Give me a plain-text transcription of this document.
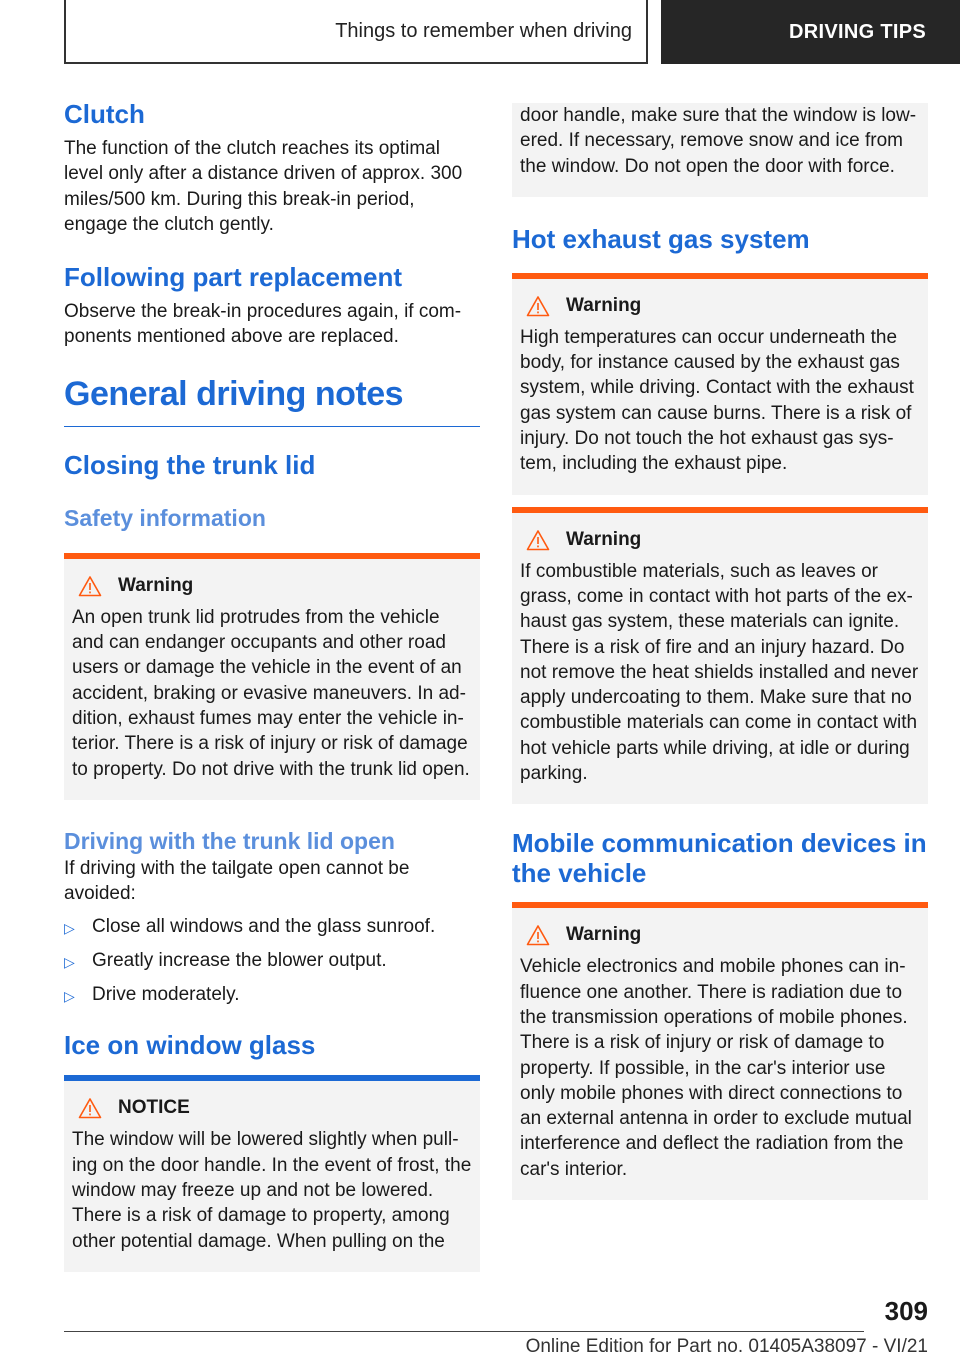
Things to remember when driving	DRIVING TIPS
Clutch

The function of the clutch reaches its optimal level only after a distance driven of approx. 300 miles/500 km. During this break-in period, engage the clutch gently.

Following part replacement

Observe the break-in procedures again, if components mentioned above are replaced.

General driving notes
Closing the trunk lid
Safety information
Warning

An open trunk lid protrudes from the vehicle and can endanger occupants and other road users or damage the vehicle in the event of an accident, braking or evasive maneuvers. In addition, exhaust fumes may enter the vehicle interior. There is a risk of injury or risk of damage to property. Do not drive with the trunk lid open.

Driving with the trunk lid open

If driving with the tailgate open cannot be avoided:

▷ Close all windows and the glass sunroof.
▷ Greatly increase the blower output.
▷ Drive moderately.
Ice on window glass
NOTICE

The window will be lowered slightly when pulling on the door handle. In the event of frost, the window may freeze up and not be lowered. There is a risk of damage to property, among other potential damage. When pulling on the

door handle, make sure that the window is lowered. If necessary, remove snow and ice from the window. Do not open the door with force.

Hot exhaust gas system
Warning

High temperatures can occur underneath the body, for instance caused by the exhaust gas system, while driving. Contact with the exhaust gas system can cause burns. There is a risk of injury. Do not touch the hot exhaust gas system, including the exhaust pipe.

Warning

If combustible materials, such as leaves or grass, come in contact with hot parts of the exhaust gas system, these materials can ignite. There is a risk of fire and an injury hazard. Do not remove the heat shields installed and never apply undercoating to them. Make sure that no combustible materials can come in contact with hot vehicle parts while driving, at idle or during parking.

Mobile communication devices in the vehicle
Warning

Vehicle electronics and mobile phones can influence one another. There is radiation due to the transmission operations of mobile phones. There is a risk of injury or risk of damage to property. If possible, in the car's interior use only mobile phones with direct connections to an external antenna in order to exclude mutual interference and deflect the radiation from the car's interior.

309
Online Edition for Part no. 01405A38097 - VI/21
